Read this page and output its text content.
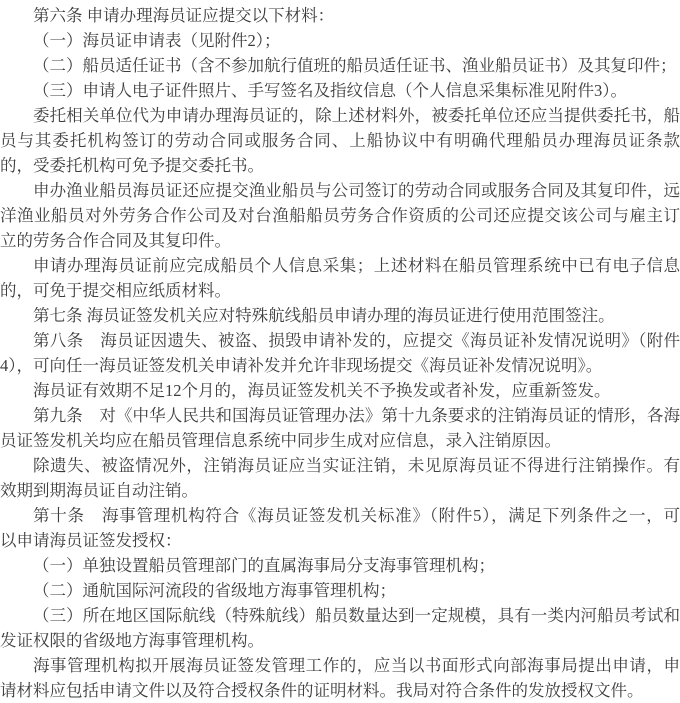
第六条 申请办理海员证应提交以下材料：
（一）海员证申请表（见附件2）；
（二）船员适任证书（含不参加航行值班的船员适任证书、渔业船员证书）及其复印件；
（三）申请人电子证件照片、手写签名及指纹信息（个人信息采集标准见附件3）。
委托相关单位代为申请办理海员证的，除上述材料外，被委托单位还应当提供委托书，船
员与其委托机构签订的劳动合同或服务合同、上船协议中有明确代理船员办理海员证条款
的，受委托机构可免予提交委托书。
申办渔业船员海员证还应提交渔业船员与公司签订的劳动合同或服务合同及其复印件，远
洋渔业船员对外劳务合作公司及对台渔船船员劳务合作资质的公司还应提交该公司与雇主订
立的劳务合作合同及其复印件。
申请办理海员证前应完成船员个人信息采集；上述材料在船员管理系统中已有电子信息
的，可免于提交相应纸质材料。
第七条 海员证签发机关应对特殊航线船员申请办理的海员证进行使用范围签注。
第八条　海员证因遗失、被盗、损毁申请补发的，应提交《海员证补发情况说明》（附件
4），可向任一海员证签发机关申请补发并允许非现场提交《海员证补发情况说明》。
海员证有效期不足12个月的，海员证签发机关不予换发或者补发，应重新签发。
第九条　对《中华人民共和国海员证管理办法》第十九条要求的注销海员证的情形，各海
员证签发机关均应在船员管理信息系统中同步生成对应信息，录入注销原因。
除遗失、被盗情况外，注销海员证应当实证注销，未见原海员证不得进行注销操作。有
效期到期海员证自动注销。
第十条　海事管理机构符合《海员证签发机关标准》（附件5），满足下列条件之一，可
以申请海员证签发授权：
（一）单独设置船员管理部门的直属海事局分支海事管理机构；
（二）通航国际河流段的省级地方海事管理机构；
（三）所在地区国际航线（特殊航线）船员数量达到一定规模，具有一类内河船员考试和
发证权限的省级地方海事管理机构。
海事管理机构拟开展海员证签发管理工作的，应当以书面形式向部海事局提出申请，申
请材料应包括申请文件以及符合授权条件的证明材料。我局对符合条件的发放授权文件。
